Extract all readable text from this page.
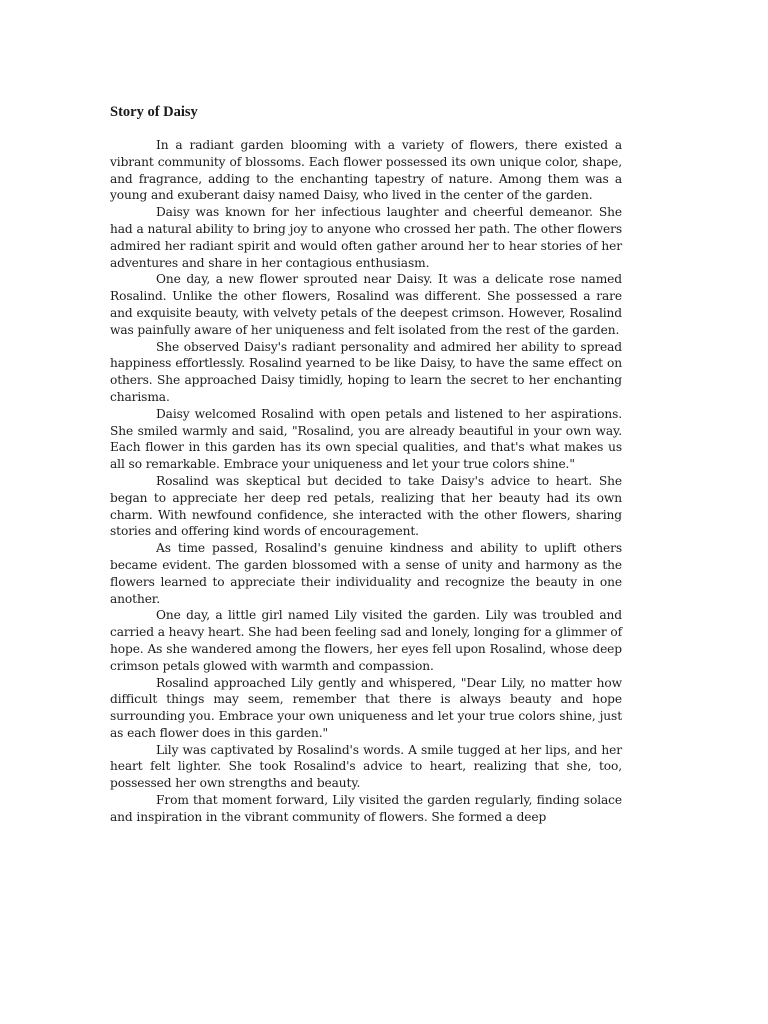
Story of Daisy

In a radiant garden blooming with a variety of flowers, there existed a vibrant community of blossoms. Each flower possessed its own unique color, shape, and fragrance, adding to the enchanting tapestry of nature. Among them was a young and exuberant daisy named Daisy, who lived in the center of the garden.

Daisy was known for her infectious laughter and cheerful demeanor. She had a natural ability to bring joy to anyone who crossed her path. The other flowers admired her radiant spirit and would often gather around her to hear stories of her adventures and share in her contagious enthusiasm.

One day, a new flower sprouted near Daisy. It was a delicate rose named Rosalind. Unlike the other flowers, Rosalind was different. She possessed a rare and exquisite beauty, with velvety petals of the deepest crimson. However, Rosalind was painfully aware of her uniqueness and felt isolated from the rest of the garden.

She observed Daisy's radiant personality and admired her ability to spread happiness effortlessly. Rosalind yearned to be like Daisy, to have the same effect on others. She approached Daisy timidly, hoping to learn the secret to her enchanting charisma.

Daisy welcomed Rosalind with open petals and listened to her aspirations. She smiled warmly and said, "Rosalind, you are already beautiful in your own way. Each flower in this garden has its own special qualities, and that's what makes us all so remarkable. Embrace your uniqueness and let your true colors shine."

Rosalind was skeptical but decided to take Daisy's advice to heart. She began to appreciate her deep red petals, realizing that her beauty had its own charm. With newfound confidence, she interacted with the other flowers, sharing stories and offering kind words of encouragement.

As time passed, Rosalind's genuine kindness and ability to uplift others became evident. The garden blossomed with a sense of unity and harmony as the flowers learned to appreciate their individuality and recognize the beauty in one another.

One day, a little girl named Lily visited the garden. Lily was troubled and carried a heavy heart. She had been feeling sad and lonely, longing for a glimmer of hope. As she wandered among the flowers, her eyes fell upon Rosalind, whose deep crimson petals glowed with warmth and compassion.

Rosalind approached Lily gently and whispered, "Dear Lily, no matter how difficult things may seem, remember that there is always beauty and hope surrounding you. Embrace your own uniqueness and let your true colors shine, just as each flower does in this garden."

Lily was captivated by Rosalind's words. A smile tugged at her lips, and her heart felt lighter. She took Rosalind's advice to heart, realizing that she, too, possessed her own strengths and beauty.

From that moment forward, Lily visited the garden regularly, finding solace and inspiration in the vibrant community of flowers. She formed a deep
